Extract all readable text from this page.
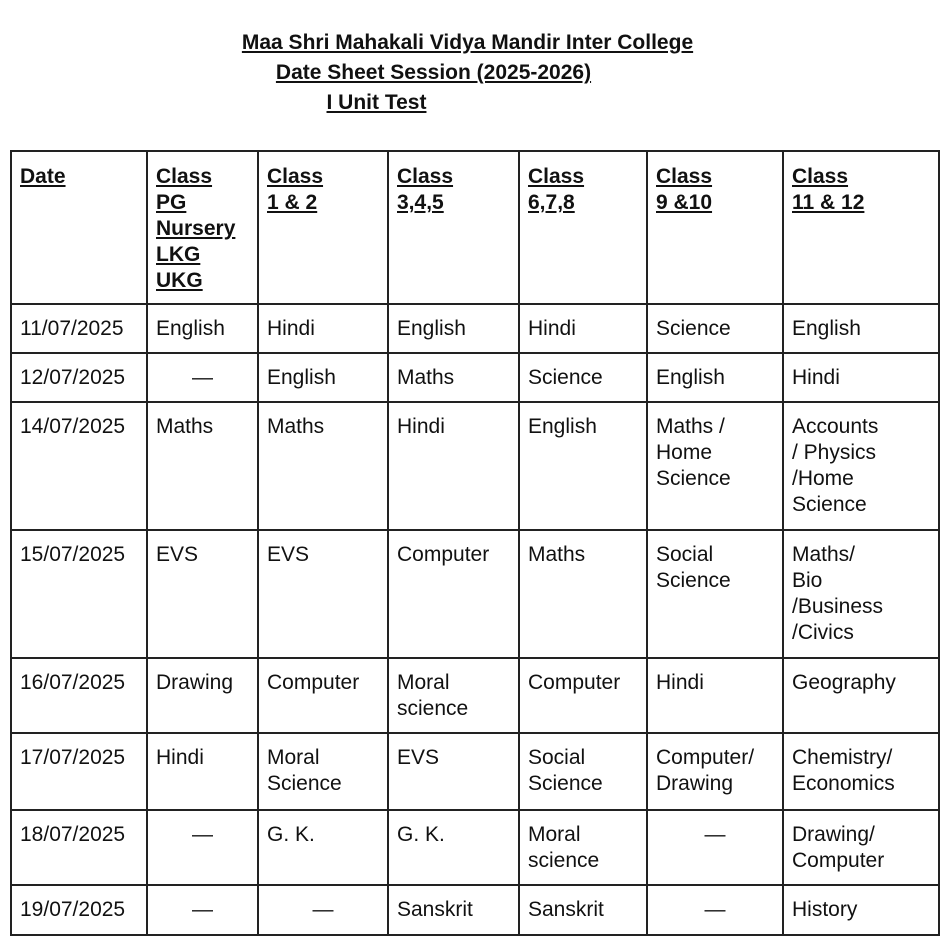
Maa Shri Mahakali Vidya Mandir Inter College
Date Sheet Session (2025-2026)
I Unit Test
Date	Class
PG
Nursery
LKG
UKG	Class
1 & 2	Class
3,4,5	Class
6,7,8	Class
9 &10	Class
11 & 12

11/07/2025	English	Hindi	English	Hindi	Science	English
12/07/2025	—	English	Maths	Science	English	Hindi
14/07/2025	Maths	Maths	Hindi	English	Maths /
Home
Science	Accounts
/ Physics
/Home
Science
15/07/2025	EVS	EVS	Computer	Maths	Social
Science	Maths/
Bio
/Business
/Civics
16/07/2025	Drawing	Computer	Moral
science	Computer	Hindi	Geography
17/07/2025	Hindi	Moral
Science	EVS	Social
Science	Computer/
Drawing	Chemistry/
Economics
18/07/2025	—	G. K.	G. K.	Moral
science	—	Drawing/
Computer
19/07/2025	—	—	Sanskrit	Sanskrit	—	History
